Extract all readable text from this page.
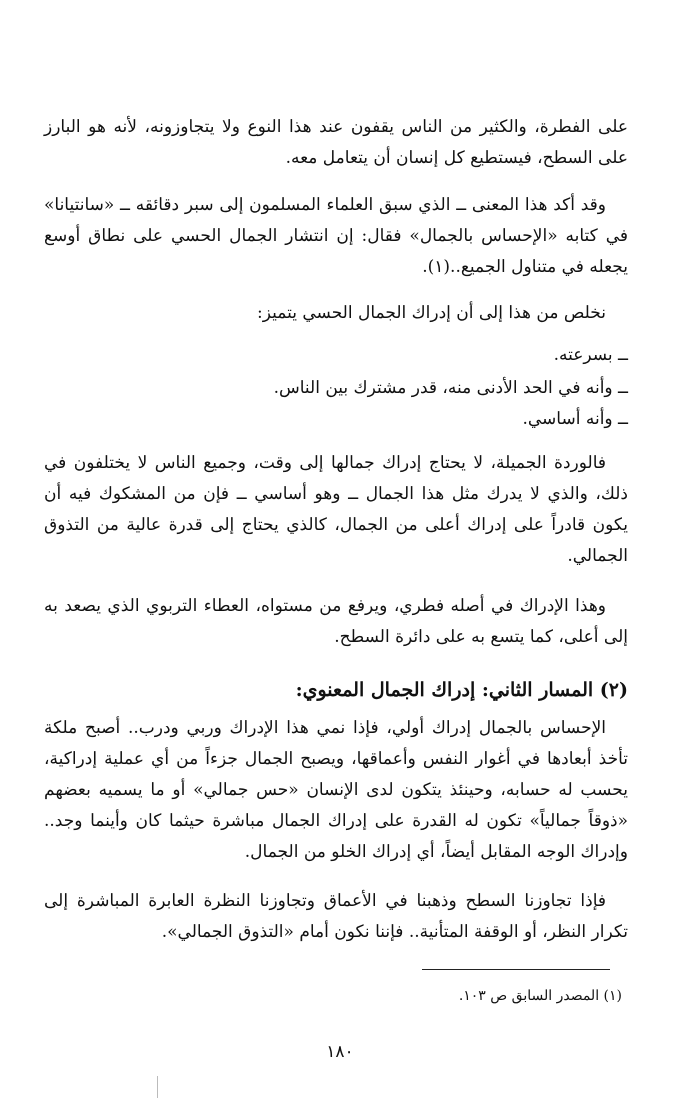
على الفطرة، والكثير من الناس يقفون عند هذا النوع ولا يتجاوزونه، لأنه هو البارز على السطح، فيستطيع كل إنسان أن يتعامل معه.

وقد أكد هذا المعنى ــ الذي سبق العلماء المسلمون إلى سبر دقائقه ــ «سانتيانا» في كتابه «الإحساس بالجمال» فقال: إن انتشار الجمال الحسي على نطاق أوسع يجعله في متناول الجميع..(١).

نخلص من هذا إلى أن إدراك الجمال الحسي يتميز:

ــ بسرعته.
ــ وأنه في الحد الأدنى منه، قدر مشترك بين الناس.
ــ وأنه أساسي.

فالوردة الجميلة، لا يحتاج إدراك جمالها إلى وقت، وجميع الناس لا يختلفون في ذلك، والذي لا يدرك مثل هذا الجمال ــ وهو أساسي ــ فإن من المشكوك فيه أن يكون قادراً على إدراك أعلى من الجمال، كالذي يحتاج إلى قدرة عالية من التذوق الجمالي.

وهذا الإدراك في أصله فطري، ويرفع من مستواه، العطاء التربوي الذي يصعد به إلى أعلى، كما يتسع به على دائرة السطح.

(٢) المسار الثاني: إدراك الجمال المعنوي:

الإحساس بالجمال إدراك أولي، فإذا نمي هذا الإدراك وربي ودرب.. أصبح ملكة تأخذ أبعادها في أغوار النفس وأعماقها، ويصبح الجمال جزءاً من أي عملية إدراكية، يحسب له حسابه، وحينئذ يتكون لدى الإنسان «حس جمالي» أو ما يسميه بعضهم «ذوقاً جمالياً» تكون له القدرة على إدراك الجمال مباشرة حيثما كان وأينما وجد.. وإدراك الوجه المقابل أيضاً، أي إدراك الخلو من الجمال.

فإذا تجاوزنا السطح وذهبنا في الأعماق وتجاوزنا النظرة العابرة المباشرة إلى تكرار النظر، أو الوقفة المتأنية.. فإننا نكون أمام «التذوق الجمالي».

(١) المصدر السابق ص ١٠٣.
١٨٠
